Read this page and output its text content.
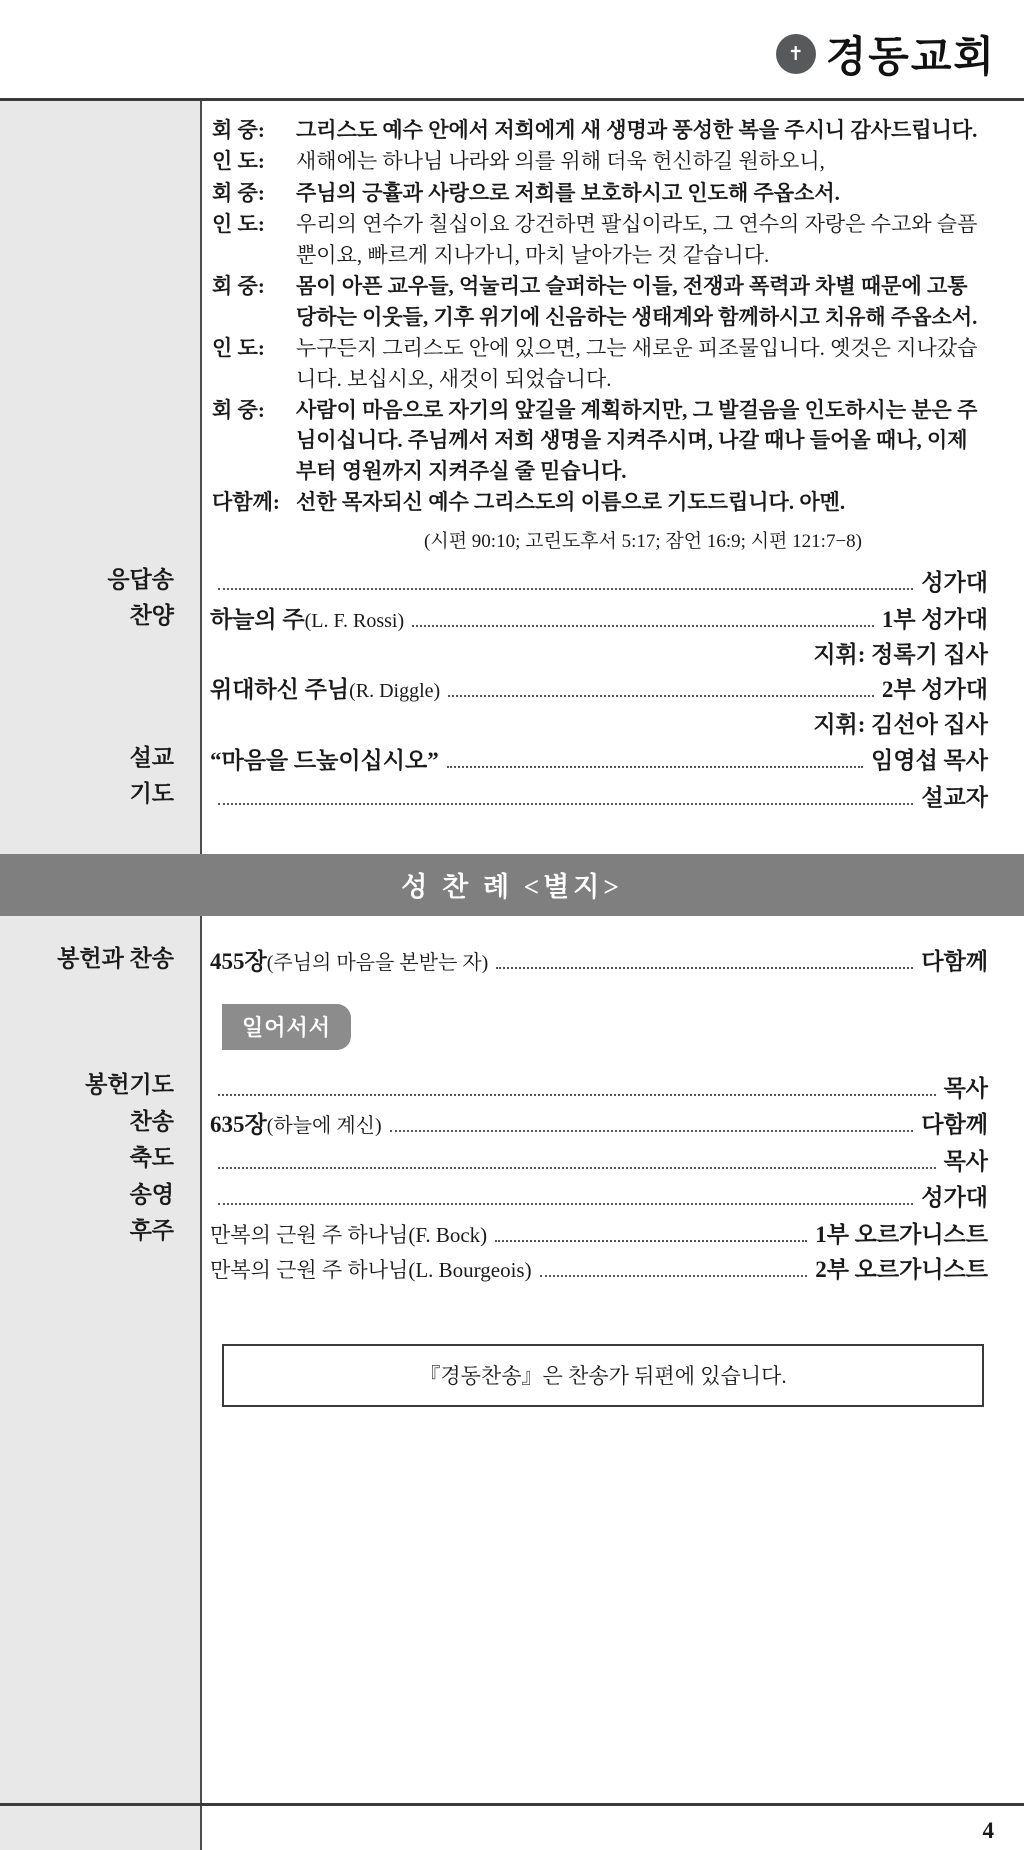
✝ 경동교회
회 중:	그리스도 예수 안에서 저희에게 새 생명과 풍성한 복을 주시니 감사드립니다.
인 도:	새해에는 하나님 나라와 의를 위해 더욱 헌신하길 원하오니,
회 중:	주님의 긍휼과 사랑으로 저희를 보호하시고 인도해 주옵소서.
인 도:	우리의 연수가 칠십이요 강건하면 팔십이라도, 그 연수의 자랑은 수고와 슬픔뿐이요, 빠르게 지나가니, 마치 날아가는 것 같습니다.
회 중:	몸이 아픈 교우들, 억눌리고 슬퍼하는 이들, 전쟁과 폭력과 차별 때문에 고통당하는 이웃들, 기후 위기에 신음하는 생태계와 함께하시고 치유해 주옵소서.
인 도:	누구든지 그리스도 안에 있으면, 그는 새로운 피조물입니다. 옛것은 지나갔습니다. 보십시오, 새것이 되었습니다.
회 중:	사람이 마음으로 자기의 앞길을 계획하지만, 그 발걸음을 인도하시는 분은 주님이십니다. 주님께서 저희 생명을 지켜주시며, 나갈 때나 들어올 때나, 이제부터 영원까지 지켜주실 줄 믿습니다.
다함께: 선한 목자되신 예수 그리스도의 이름으로 기도드립니다. 아멘.
(시편 90:10; 고린도후서 5:17; 잠언 16:9; 시편 121:7−8)
응답송	성가대
찬양	하늘의 주(L. F. Rossi)	1부 성가대
지휘: 정록기 집사
위대하신 주님(R. Diggle)	2부 성가대
지휘: 김선아 집사
설교	“마음을 드높이십시오”	임영섭 목사
기도	설교자
성 찬 례 <별지>
봉헌과 찬송	455장(주님의 마음을 본받는 자)	다함께
일어서서
봉헌기도	목사
찬송	635장(하늘에 계신)	다함께
축도	목사
송영	성가대
후주	만복의 근원 주 하나님(F. Bock)	1부 오르가니스트
만복의 근원 주 하나님(L. Bourgeois)	2부 오르가니스트
『경동찬송』은 찬송가 뒤편에 있습니다.
4
